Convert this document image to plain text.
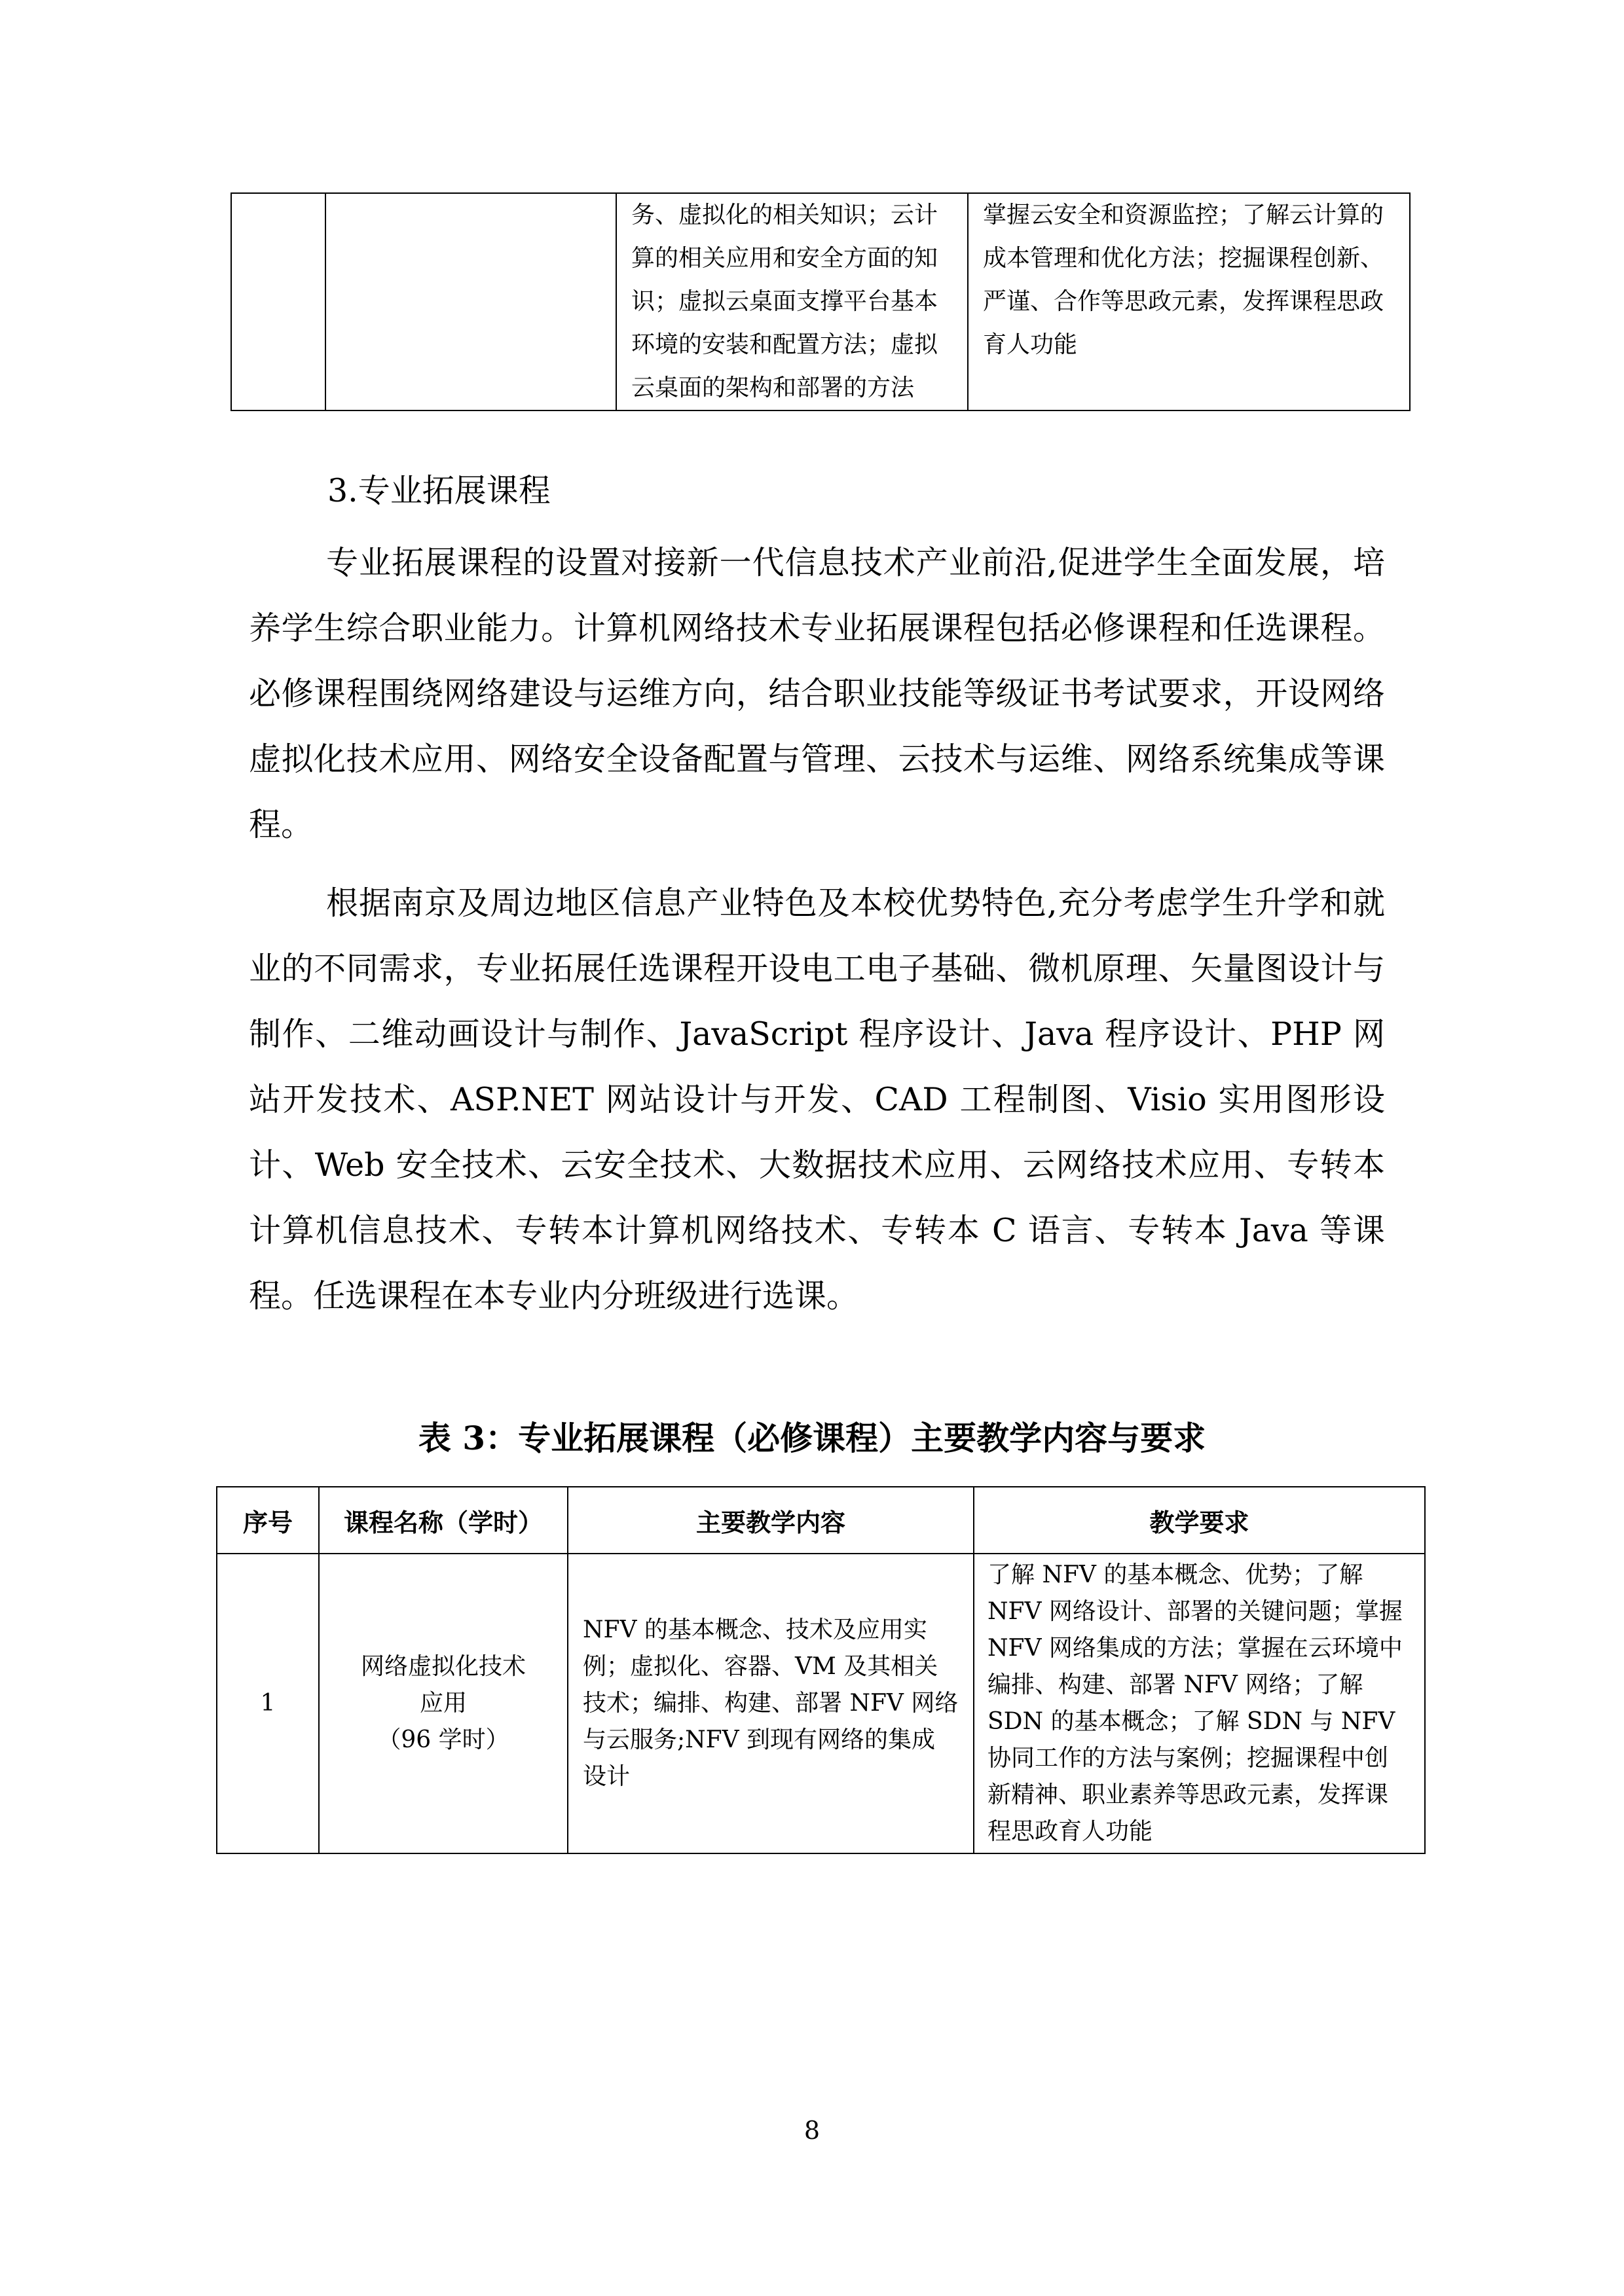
		务、虚拟化的相关知识；云计算的相关应用和安全方面的知识；虚拟云桌面支撑平台基本环境的安装和配置方法；虚拟云桌面的架构和部署的方法	掌握云安全和资源监控；了解云计算的成本管理和优化方法；挖掘课程创新、严谨、合作等思政元素，发挥课程思政育人功能

3.专业拓展课程

专业拓展课程的设置对接新一代信息技术产业前沿,促进学生全面发展，培养学生综合职业能力。计算机网络技术专业拓展课程包括必修课程和任选课程。必修课程围绕网络建设与运维方向，结合职业技能等级证书考试要求，开设网络虚拟化技术应用、网络安全设备配置与管理、云技术与运维、网络系统集成等课程。

根据南京及周边地区信息产业特色及本校优势特色,充分考虑学生升学和就业的不同需求，专业拓展任选课程开设电工电子基础、微机原理、矢量图设计与制作、二维动画设计与制作、JavaScript 程序设计、Java 程序设计、PHP 网站开发技术、ASP.NET 网站设计与开发、CAD 工程制图、Visio 实用图形设计、Web 安全技术、云安全技术、大数据技术应用、云网络技术应用、专转本计算机信息技术、专转本计算机网络技术、专转本 C 语言、专转本 Java 等课程。任选课程在本专业内分班级进行选课。

表 3：专业拓展课程（必修课程）主要教学内容与要求

序号	课程名称（学时）	主要教学内容	教学要求
1	网络虚拟化技术
应用
（96 学时）	NFV 的基本概念、技术及应用实例；虚拟化、容器、VM 及其相关技术；编排、构建、部署 NFV 网络与云服务;NFV 到现有网络的集成设计	了解 NFV 的基本概念、优势；了解 NFV 网络设计、部署的关键问题；掌握 NFV 网络集成的方法；掌握在云环境中编排、构建、部署 NFV 网络；了解 SDN 的基本概念；了解 SDN 与 NFV 协同工作的方法与案例；挖掘课程中创新精神、职业素养等思政元素，发挥课程思政育人功能

8
